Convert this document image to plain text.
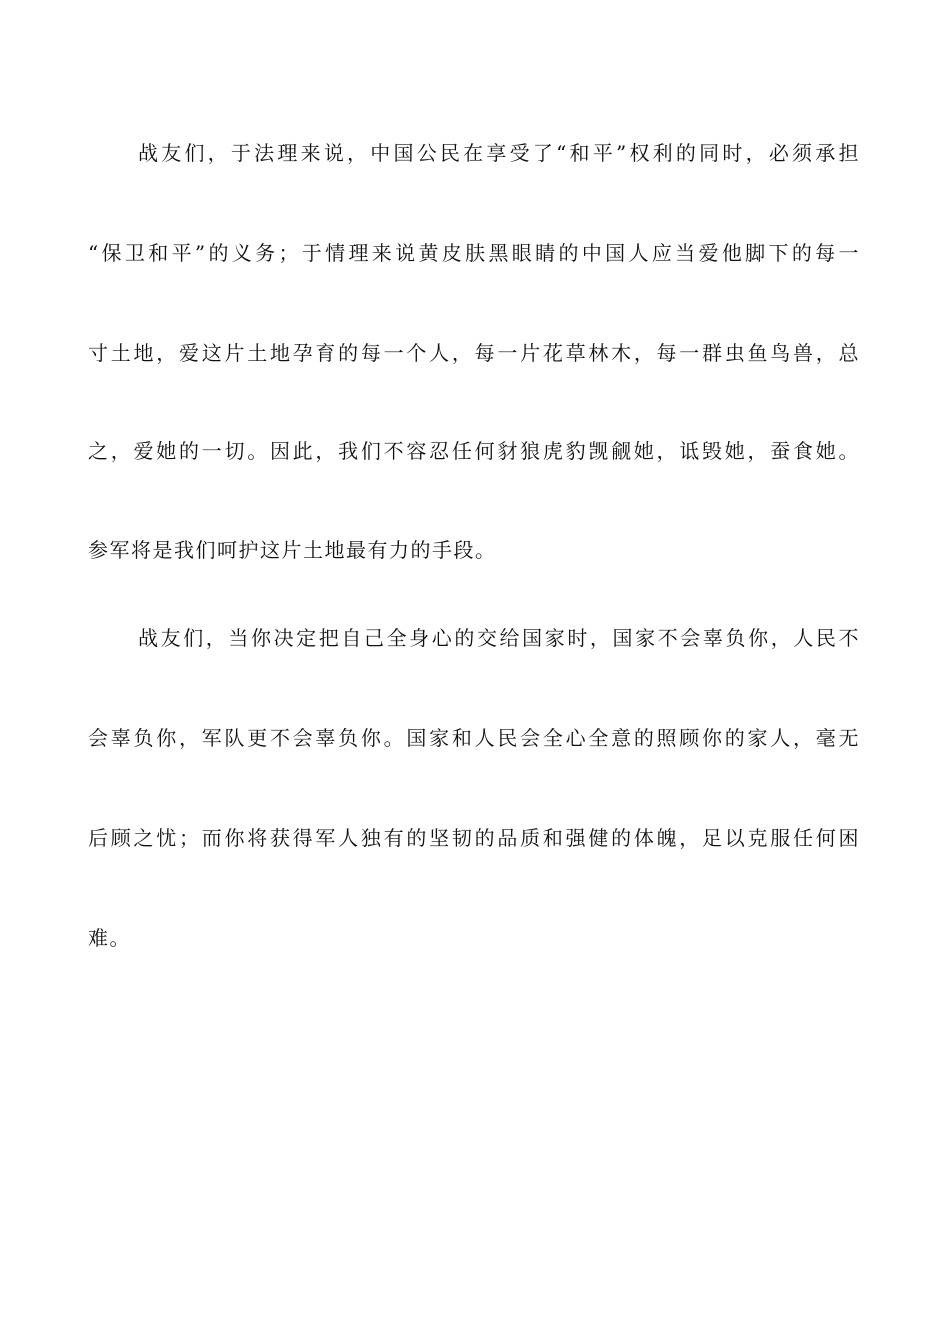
战友们，于法理来说，中国公民在享受了“和平”权利的同时，必须承担
“保卫和平”的义务；于情理来说黄皮肤黑眼睛的中国人应当爱他脚下的每一
寸土地，爱这片土地孕育的每一个人，每一片花草林木，每一群虫鱼鸟兽，总
之，爱她的一切。因此，我们不容忍任何豺狼虎豹觊觎她，诋毁她，蚕食她。
参军将是我们呵护这片土地最有力的手段。
战友们，当你决定把自己全身心的交给国家时，国家不会辜负你，人民不
会辜负你，军队更不会辜负你。国家和人民会全心全意的照顾你的家人，毫无
后顾之忧；而你将获得军人独有的坚韧的品质和强健的体魄，足以克服任何困
难。
